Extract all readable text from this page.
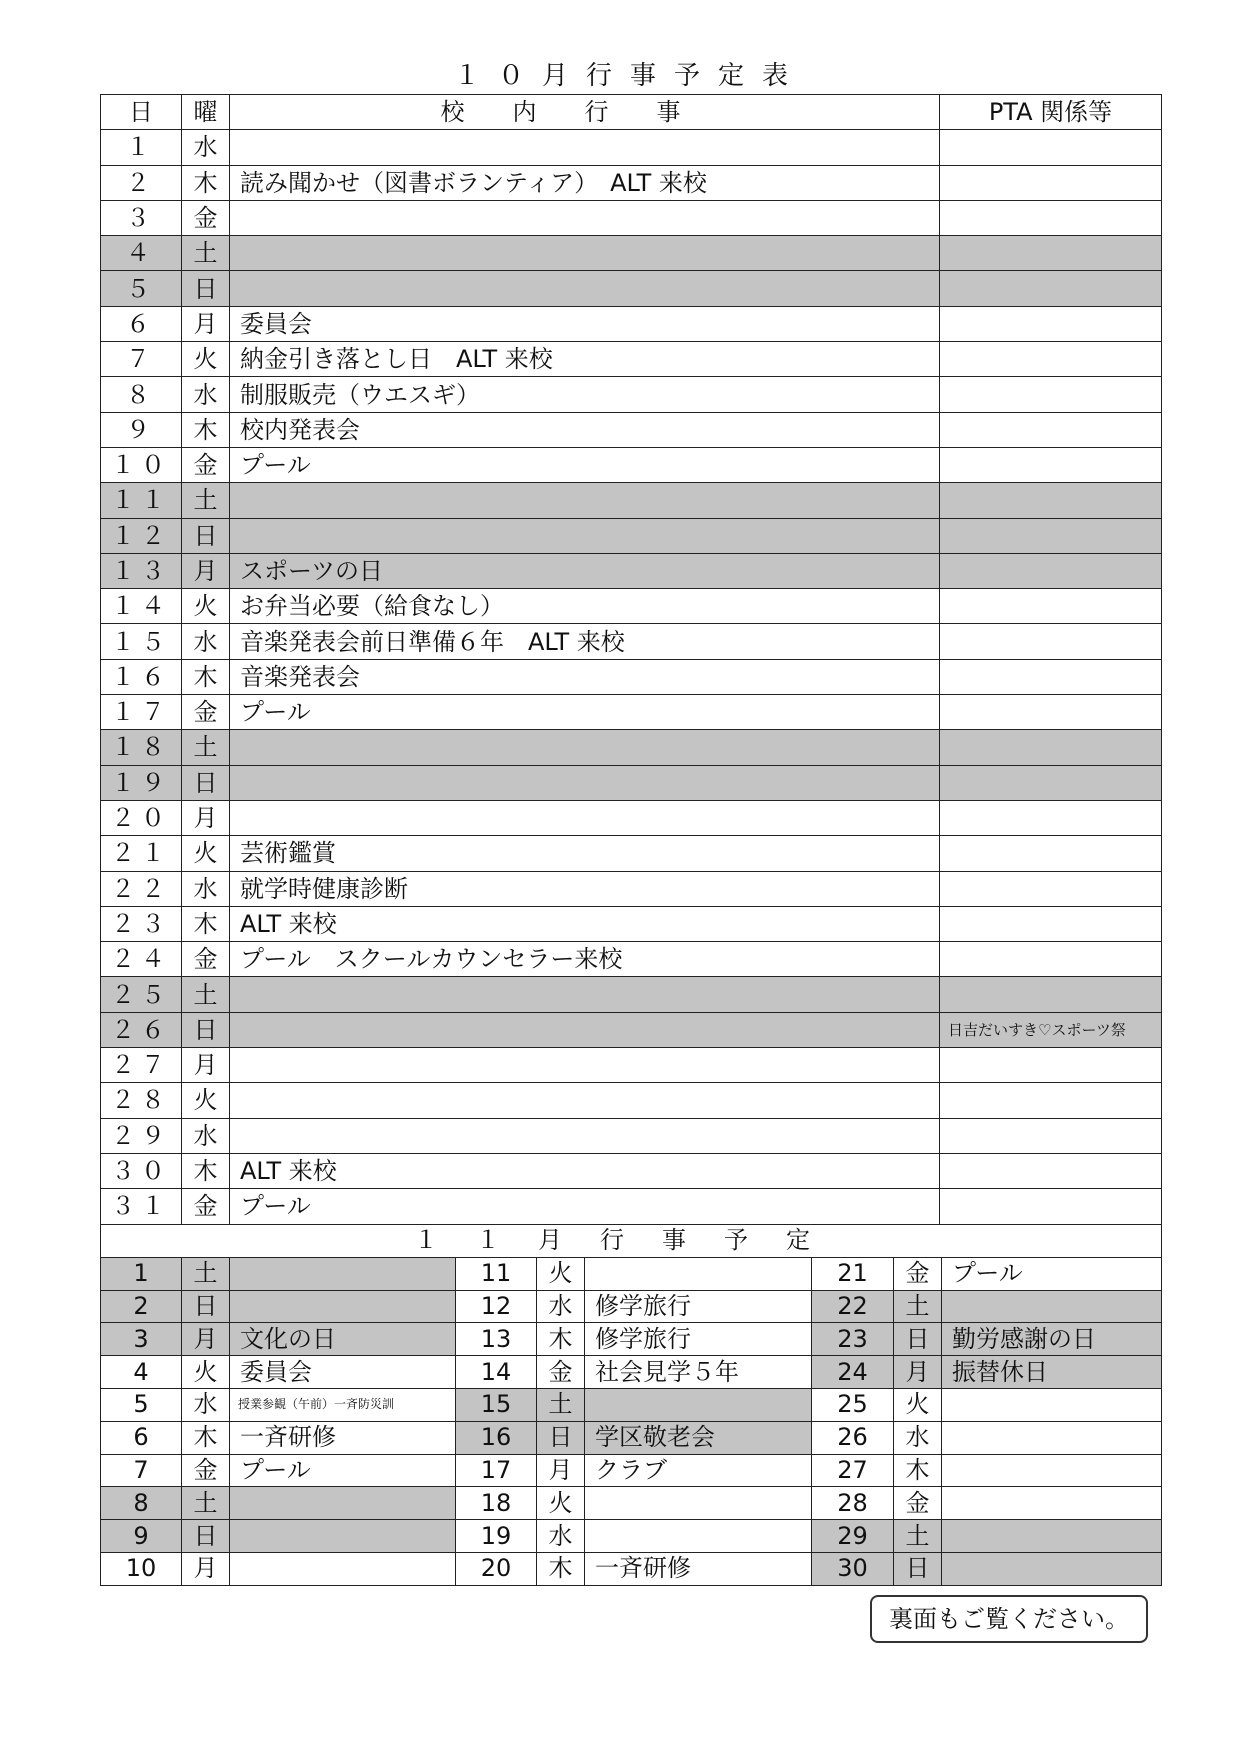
１０月行事予定表
日	曜	校内行事	PTA 関係等
１	水		
２	木	読み聞かせ（図書ボランティア）　ALT 来校	
３	金		
４	土		
５	日		
６	月	委員会	
７	火	納金引き落とし日　ALT 来校	
８	水	制服販売（ウエスギ）	
９	木	校内発表会	
１０	金	プール	
１１	土		
１２	日		
１３	月	スポーツの日	
１４	火	お弁当必要（給食なし）	
１５	水	音楽発表会前日準備６年　ALT 来校	
１６	木	音楽発表会	
１７	金	プール	
１８	土		
１９	日		
２０	月		
２１	火	芸術鑑賞	
２２	水	就学時健康診断	
２３	木	ALT 来校	
２４	金	プール　スクールカウンセラー来校	
２５	土		
２６	日		日吉だいすき♡スポーツ祭
２７	月		
２８	火		
２９	水		
３０	木	ALT 来校	
３１	金	プール	
１１月行事予定								
1	土		11	火		21	金	プール
2	日		12	水	修学旅行	22	土	
3	月	文化の日	13	木	修学旅行	23	日	勤労感謝の日
4	火	委員会	14	金	社会見学５年	24	月	振替休日
5	水	授業参観（午前）一斉防災訓	15	土		25	火	
6	木	一斉研修	16	日	学区敬老会	26	水	
7	金	プール	17	月	クラブ	27	木	
8	土		18	火		28	金	
9	日		19	水		29	土	
10	月		20	木	一斉研修	30	日	
裏面もご覧ください。
